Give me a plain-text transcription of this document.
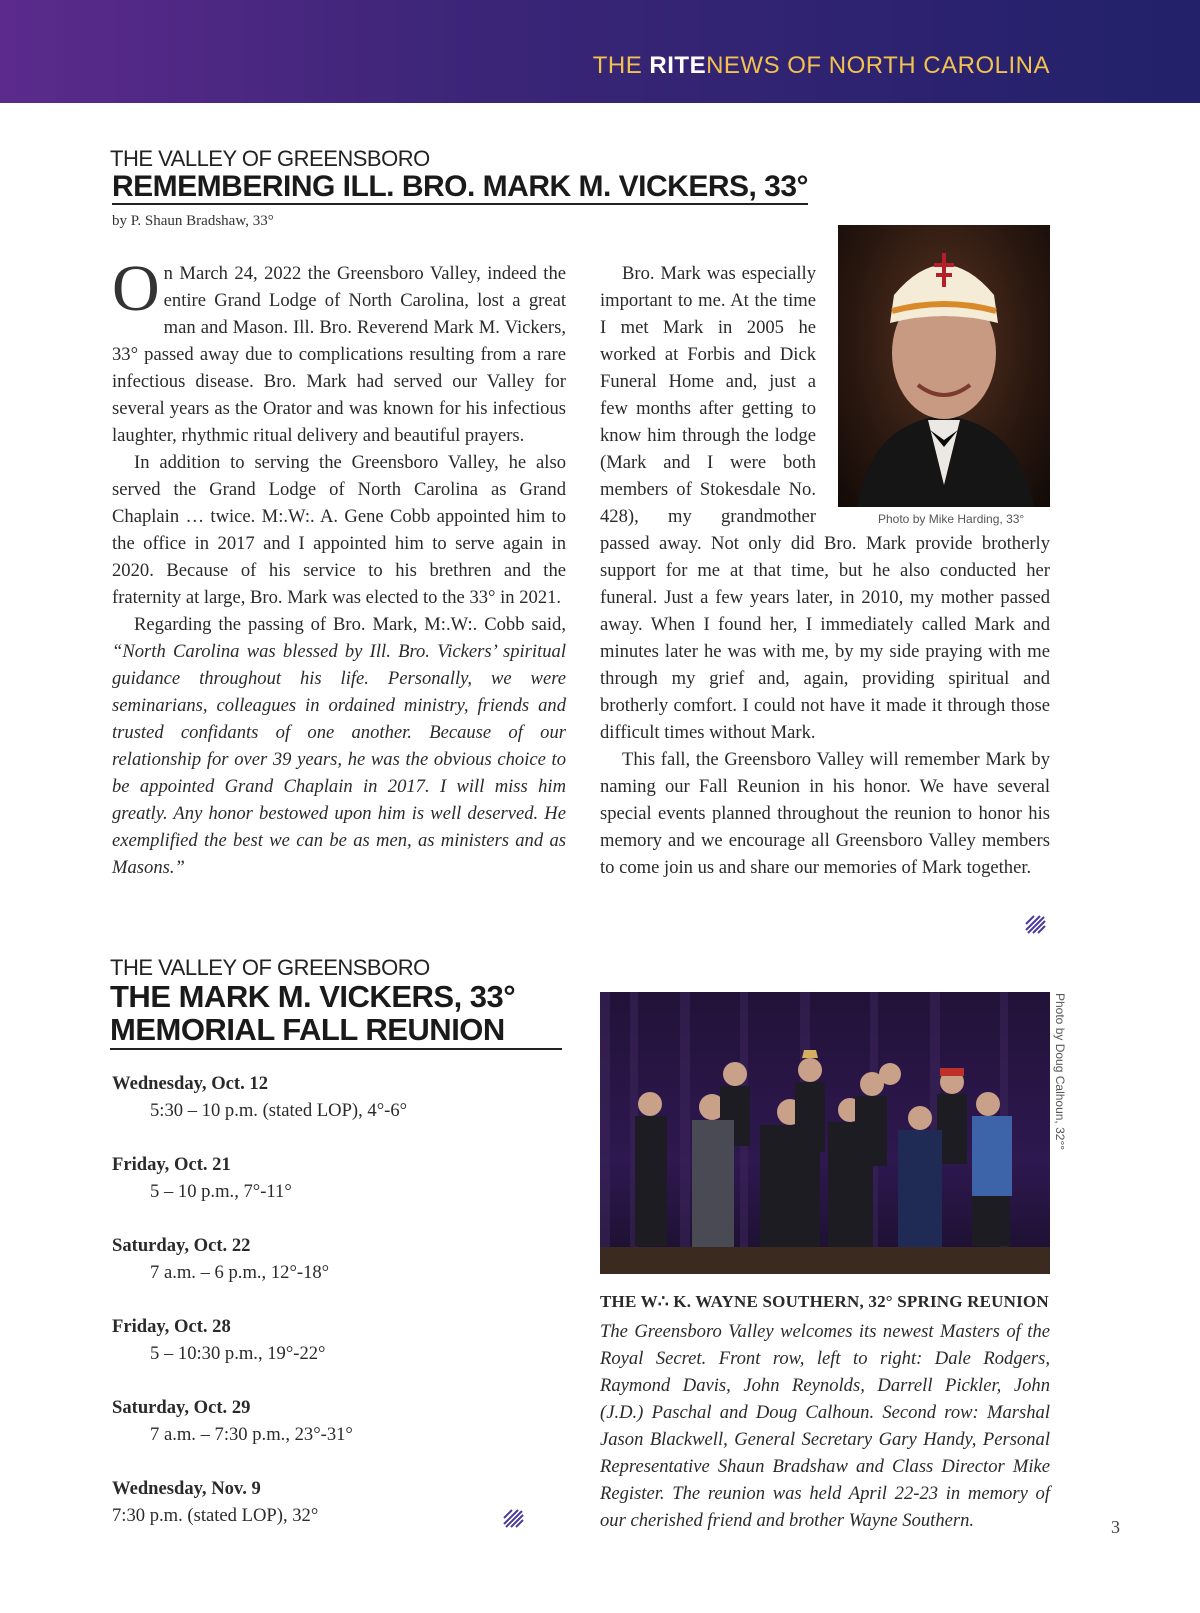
THE RITENEWS OF NORTH CAROLINA
THE VALLEY OF GREENSBORO
REMEMBERING ILL. BRO. MARK M. VICKERS, 33°
by P. Shaun Bradshaw, 33°

On March 24, 2022 the Greensboro Valley, indeed the entire Grand Lodge of North Carolina, lost a great man and Mason. Ill. Bro. Reverend Mark M. Vickers, 33° passed away due to complications resulting from a rare infectious disease. Bro. Mark had served our Valley for several years as the Orator and was known for his infectious laughter, rhythmic ritual delivery and beautiful prayers.

In addition to serving the Greensboro Valley, he also served the Grand Lodge of North Carolina as Grand Chaplain … twice. M:.W:. A. Gene Cobb appointed him to the office in 2017 and I appointed him to serve again in 2020. Because of his service to his brethren and the fraternity at large, Bro. Mark was elected to the 33° in 2021.

Regarding the passing of Bro. Mark, M:.W:. Cobb said, “North Carolina was blessed by Ill. Bro. Vickers’ spiritual guidance throughout his life. Personally, we were seminarians, colleagues in ordained ministry, friends and trusted confidants of one another. Because of our relationship for over 39 years, he was the obvious choice to be appointed Grand Chaplain in 2017. I will miss him greatly. Any honor bestowed upon him is well deserved. He exemplified the best we can be as men, as ministers and as Masons.”

Bro. Mark was especially important to me. At the time I met Mark in 2005 he worked at Forbis and Dick Funeral Home and, just a few months after getting to know him through the lodge (Mark and I were both members of Stokesdale No. 428), my grandmother passed away. Not only did Bro. Mark provide brotherly support for me at that time, but he also conducted her funeral. Just a few years later, in 2010, my mother passed away. When I found her, I immediately called Mark and minutes later he was with me, by my side praying with me through my grief and, again, providing spiritual and brotherly comfort. I could not have it made it through those difficult times without Mark.

This fall, the Greensboro Valley will remember Mark by naming our Fall Reunion in his honor. We have several special events planned throughout the reunion to honor his memory and we encourage all Greensboro Valley members to come join us and share our memories of Mark together.

Photo by Mike Harding, 33°
THE VALLEY OF GREENSBORO
THE MARK M. VICKERS, 33°
MEMORIAL FALL REUNION
Wednesday, Oct. 12
5:30 – 10 p.m. (stated LOP), 4°-6°
Friday, Oct. 21
5 – 10 p.m., 7°-11°
Saturday, Oct. 22
7 a.m. – 6 p.m., 12°-18°
Friday, Oct. 28
5 – 10:30 p.m., 19°-22°
Saturday, Oct. 29
7 a.m. – 7:30 p.m., 23°-31°
Wednesday, Nov. 9
7:30 p.m. (stated LOP), 32°
Photo by Doug Calhoun, 32°°
THE W∴ K. WAYNE SOUTHERN, 32° SPRING REUNION
The Greensboro Valley welcomes its newest Masters of the Royal Secret. Front row, left to right: Dale Rodgers, Raymond Davis, John Reynolds, Darrell Pickler, John (J.D.) Paschal and Doug Calhoun. Second row: Marshal Jason Blackwell, General Secretary Gary Handy, Personal Representative Shaun Bradshaw and Class Director Mike Register. The reunion was held April 22-23 in memory of our cherished friend and brother Wayne Southern.	3
